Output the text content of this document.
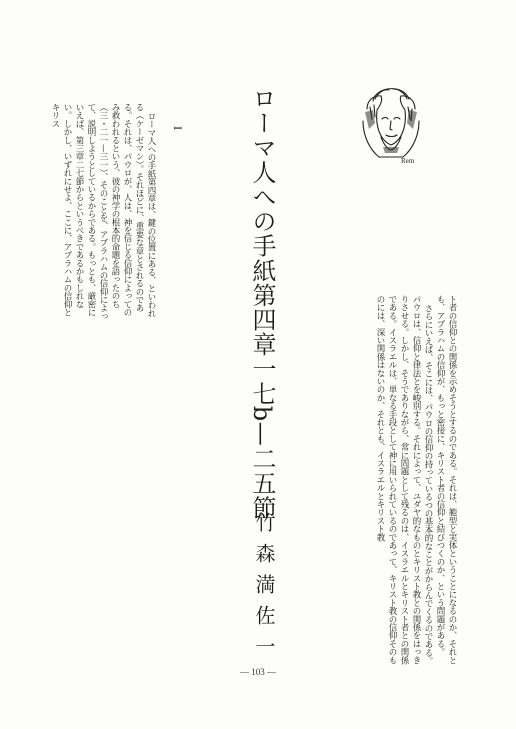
Rem
ローマ人への手紙第四章一七b—二五節
I
ローマ人への手紙第四章は、鍵の位置にある、といわれる（ケーゼマン）。それほどに、重要な章とされるのである。それは、パウロが、人は、神を信じる信仰によってのみ救われるという、彼の神学の根本的命題を語ったのち（三・二一—三一）、そのことを、アブラハムの信仰によって、説明しようとしているからである。もっとも、厳密にいえば、第三章二七節からというべきであるかもしれない。しかし、いずれにせよ、ここに、アブラハムの信仰とキリス
竹森満佐一	ト者の信仰との関係を示めそうとするのである。それは、範型と実体ということになるのか、それとも、アブラハムの信仰が、もっと密接に、キリスト者の信仰と結びつくのか、という問題がある。
さらにいえば、そこには、パウロの信仰の持っているつの基本的なことがからんでくるのである。パウロは、信仰と律法とを峻別する。それによって、ユダヤ的なものとキリスト教との関係をはっきりさせる。しかし、そうでありながら、常に問題として残るのは、イスラエルとキリスト者との関係である。イスラエルは、単なる手段として神に用いられているのであって、キリスト教の信仰そのものには、深い関係はないのか、それとも、イスラエルとキリスト教
— 103 —
